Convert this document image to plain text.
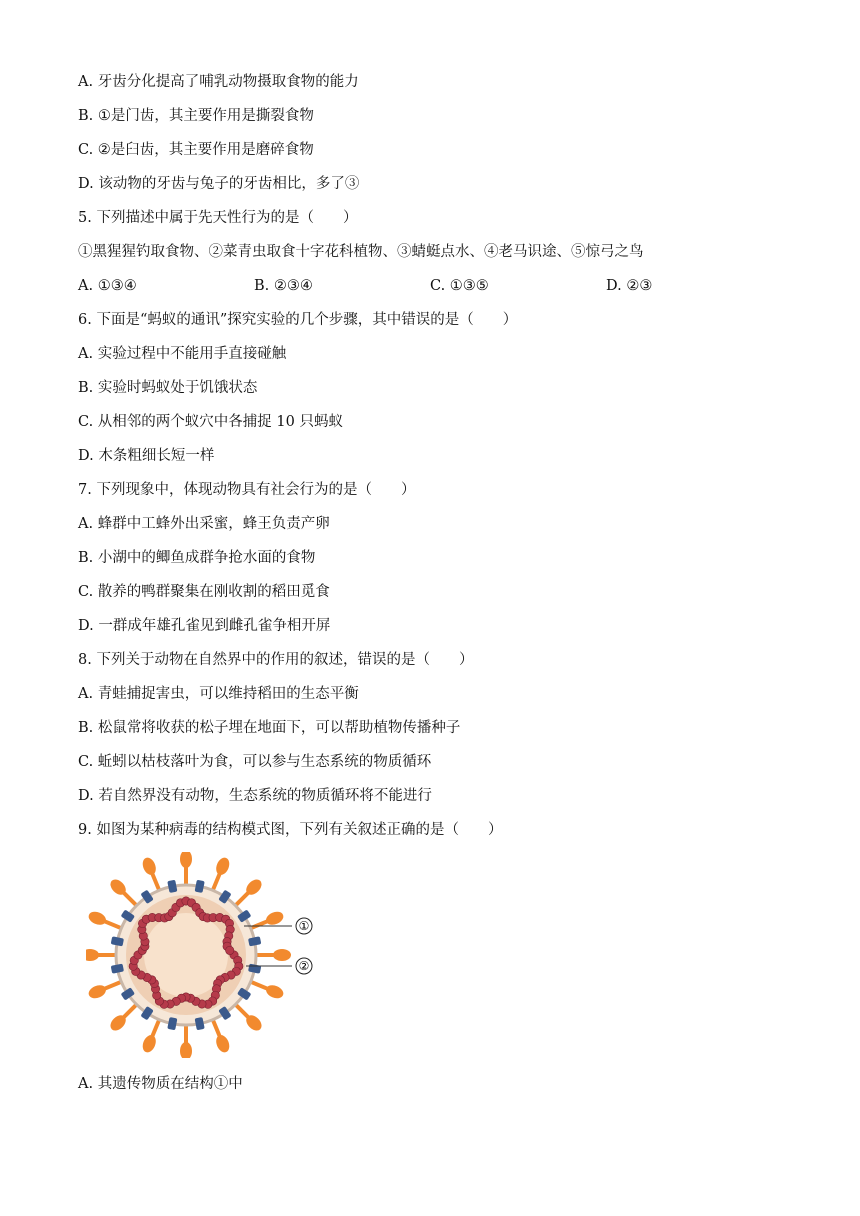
A. 牙齿分化提高了哺乳动物摄取食物的能力
B. ①是门齿，其主要作用是撕裂食物
C. ②是臼齿，其主要作用是磨碎食物
D. 该动物的牙齿与兔子的牙齿相比，多了③
5. 下列描述中属于先天性行为的是（　　）
①黑猩猩钓取食物、②菜青虫取食十字花科植物、③蜻蜓点水、④老马识途、⑤惊弓之鸟
A. ①③④	B. ②③④	C. ①③⑤	D. ②③
6. 下面是“蚂蚁的通讯”探究实验的几个步骤，其中错误的是（　　）
A. 实验过程中不能用手直接碰触
B. 实验时蚂蚁处于饥饿状态
C. 从相邻的两个蚁穴中各捕捉 10 只蚂蚁
D. 木条粗细长短一样
7. 下列现象中，体现动物具有社会行为的是（　　）
A. 蜂群中工蜂外出采蜜，蜂王负责产卵
B. 小湖中的鲫鱼成群争抢水面的食物
C. 散养的鸭群聚集在刚收割的稻田觅食
D. 一群成年雄孔雀见到雌孔雀争相开屏
8. 下列关于动物在自然界中的作用的叙述，错误的是（　　）
A. 青蛙捕捉害虫，可以维持稻田的生态平衡
B. 松鼠常将收获的松子埋在地面下，可以帮助植物传播种子
C. 蚯蚓以枯枝落叶为食，可以参与生态系统的物质循环
D. 若自然界没有动物，生态系统的物质循环将不能进行
9. 如图为某种病毒的结构模式图，下列有关叙述正确的是（　　）
①
②
A. 其遗传物质在结构①中
